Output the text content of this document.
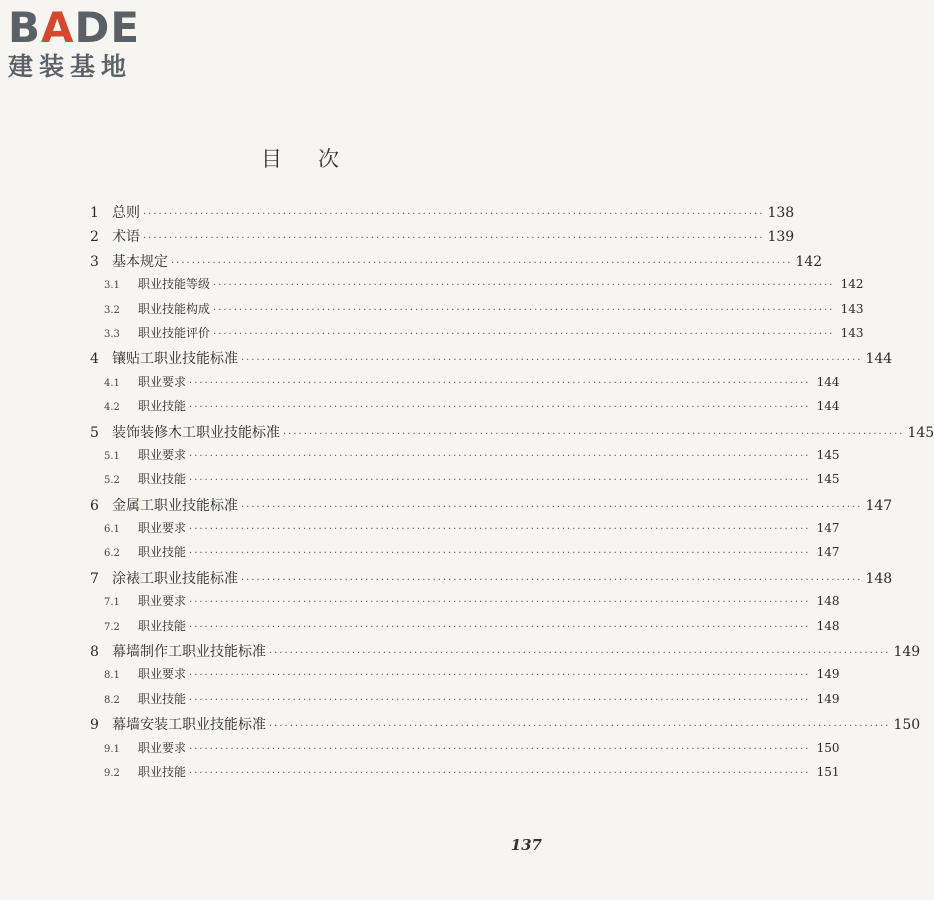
B A D E
建装基地
目次
1 总则 ························································································································ 138
2 术语 ························································································································ 139
3 基本规定 ························································································································ 142
3.1	职业技能等级 ························································································································ 142
3.2	职业技能构成 ························································································································ 143
3.3	职业技能评价 ························································································································ 143
4 镶贴工职业技能标准 ························································································································ 144
4.1	职业要求 ························································································································ 144
4.2	职业技能 ························································································································ 144
5 装饰装修木工职业技能标准 ························································································································ 145
5.1	职业要求 ························································································································ 145
5.2	职业技能 ························································································································ 145
6 金属工职业技能标准 ························································································································ 147
6.1	职业要求 ························································································································ 147
6.2	职业技能 ························································································································ 147
7 涂裱工职业技能标准 ························································································································ 148
7.1	职业要求 ························································································································ 148
7.2	职业技能 ························································································································ 148
8 幕墙制作工职业技能标准 ························································································································ 149
8.1	职业要求 ························································································································ 149
8.2	职业技能 ························································································································ 149
9 幕墙安装工职业技能标准 ························································································································ 150
9.1	职业要求 ························································································································ 150
9.2	职业技能 ························································································································ 151
137
